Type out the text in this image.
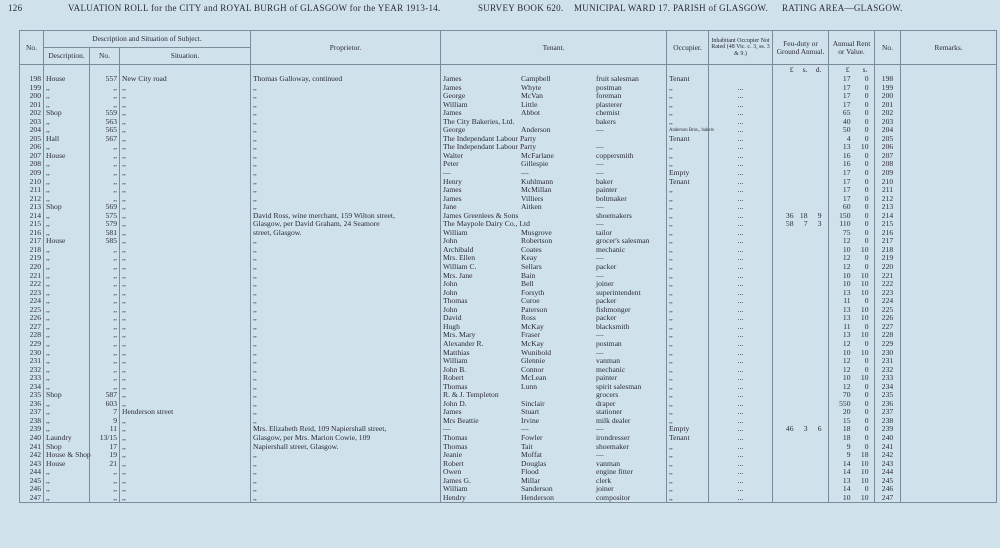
126	VALUATION ROLL for the CITY and ROYAL BURGH of GLASGOW for the YEAR 1913-14.	SURVEY BOOK 620. MUNICIPAL WARD 17. PARISH of GLASGOW. RATING AREA—GLASGOW.
No.	Description and Situation of Subject.			Proprietor.	Tenant.	Occupier.	Inhabitant Occupier Not Rated (48 Vic. c. 3, ss. 3 & 9.)	Feu-duty or Ground Annual.	Annual Rent or Value.	No.	Remarks.
	Description.	No.	Situation.								
								£ s. d.	£ s.		
198	House	557	New City road	Thomas Galloway, continued	James Campbell fruit salesman	Tenant			17 0	198	
199	,,	,,	,,	,,	James Whyte postman	,,	...		17 0	199	
200	,,	,,	,,	,,	George McVan foreman	,,	...		17 0	200	
201	,,	,,	,,	,,	William Little plasterer	,,	...		17 0	201	
202	Shop	559	,,	,,	James Abbot chemist	,,	...		65 0	202	
203	,,	563	,,	,,	The City Bakeries, Ltd. bakers	,,	...		40 0	203	
204	,,	565	,,	,,	George Anderson —	Anderson Bros., bakers	...		50 0	204	
205	Hall	567	,,	,,	The Independant Labour Party	Tenant	...		4 0	205	
206	,,	,,	,,	,,	The Independant Labour Party —	,,	...		13 10	206	
207	House	,,	,,	,,	Walter McFarlane coppersmith	,,	...		16 0	207	
208	,,	,,	,,	,,	Peter Gillespie —	,,	...		16 0	208	
209	,,	,,	,,	,,	— — —	Empty	...		17 0	209	
210	,,	,,	,,	,,	Henry Kuhlmann baker	Tenant	...		17 0	210	
211	,,	,,	,,	,,	James McMillan painter	,,	...		17 0	211	
212	,,	,,	,,	,,	James Villiers boltmaker	,,	...		17 0	212	
213	Shop	569	,,	,,	Jane Aitken —	,,	...		60 0	213	
214	,,	575	,,	David Ross, wine merchant, 159 Wilton street,	James Greenlees & Sons shoemakers	,,	...	36 18 9	150 0	214	
215	,,	579	,,	Glasgow, per David Graham, 24 Seamore	The Maypole Dairy Co., Ltd —	,,	...	58 7 3	110 0	215	
216	,,	581	,,	street, Glasgow.	William Musgrove tailor	,,	...		75 0	216	
217	House	585	,,	,,	John Robertson grocer's salesman	,,	...		12 0	217	
218	,,	,,	,,	,,	Archibald Coates mechanic	,,	...		10 10	218	
219	,,	,,	,,	,,	Mrs. Ellen Keay —	,,	...		12 0	219	
220	,,	,,	,,	,,	William C. Sellars packer	,,	...		12 0	220	
221	,,	,,	,,	,,	Mrs. Jane Bain —	,,	...		10 10	221	
222	,,	,,	,,	,,	John Bell joiner	,,	...		10 10	222	
223	,,	,,	,,	,,	John Forsyth superintendent	,,	...		13 10	223	
224	,,	,,	,,	,,	Thomas Curoe packer	,,	...		11 0	224	
225	,,	,,	,,	,,	John Paterson fishmonger	,,	...		13 10	225	
226	,,	,,	,,	,,	David Ross packer	,,	...		13 10	226	
227	,,	,,	,,	,,	Hugh McKay blacksmith	,,	...		11 0	227	
228	,,	,,	,,	,,	Mrs. Mary Fraser —	,,	...		13 10	228	
229	,,	,,	,,	,,	Alexander R. McKay postman	,,	...		12 0	229	
230	,,	,,	,,	,,	Matthias Wunibold —	,,	...		10 10	230	
231	,,	,,	,,	,,	William Glennie vanman	,,	...		12 0	231	
232	,,	,,	,,	,,	John B. Connor mechanic	,,	...		12 0	232	
233	,,	,,	,,	,,	Robert McLean painter	,,	...		10 10	233	
234	,,	,,	,,	,,	Thomas Lunn spirit salesman	,,	...		12 0	234	
235	Shop	587	,,	,,	R. & J. Templeton grocers	,,	...		70 0	235	
236	,,	603	,,	,,	John D. Sinclair draper	,,	...		550 0	236	
237	,,	7	Henderson street	,,	James Stuart stationer	,,	...		20 0	237	
238	,,	9	,,	,,	Mrs Beattie Irvine milk dealer	,,	...		15 0	238	
239	,,	11	,,	Mrs. Elizabeth Reid, 109 Napiershall street,	— — —	Empty	...	46 3 6	18 0	239	
240	Laundry	13/15	,,	Glasgow, per Mrs. Marion Cowie, 109	Thomas Fowler irondresser	Tenant	...		18 0	240	
241	Shop	17	,,	Napiershall street, Glasgow.	Thomas Tait shoemaker	,,	...		9 0	241	
242	House & Shop	19	,,	,,	Jeanie Moffat —	,,	...		9 18	242	
243	House	21	,,	,,	Robert Douglas vanman	,,	...		14 10	243	
244	,,	,,	,,	,,	Owen Flood engine fitter	,,	...		14 10	244	
245	,,	,,	,,	,,	James G. Millar clerk	,,	...		13 10	245	
246	,,	,,	,,	,,	William Sanderson joiner	,,	...		14 0	246	
247	,,	,,	,,	,,	Hendry Henderson compositor	,,	...		10 10	247	
